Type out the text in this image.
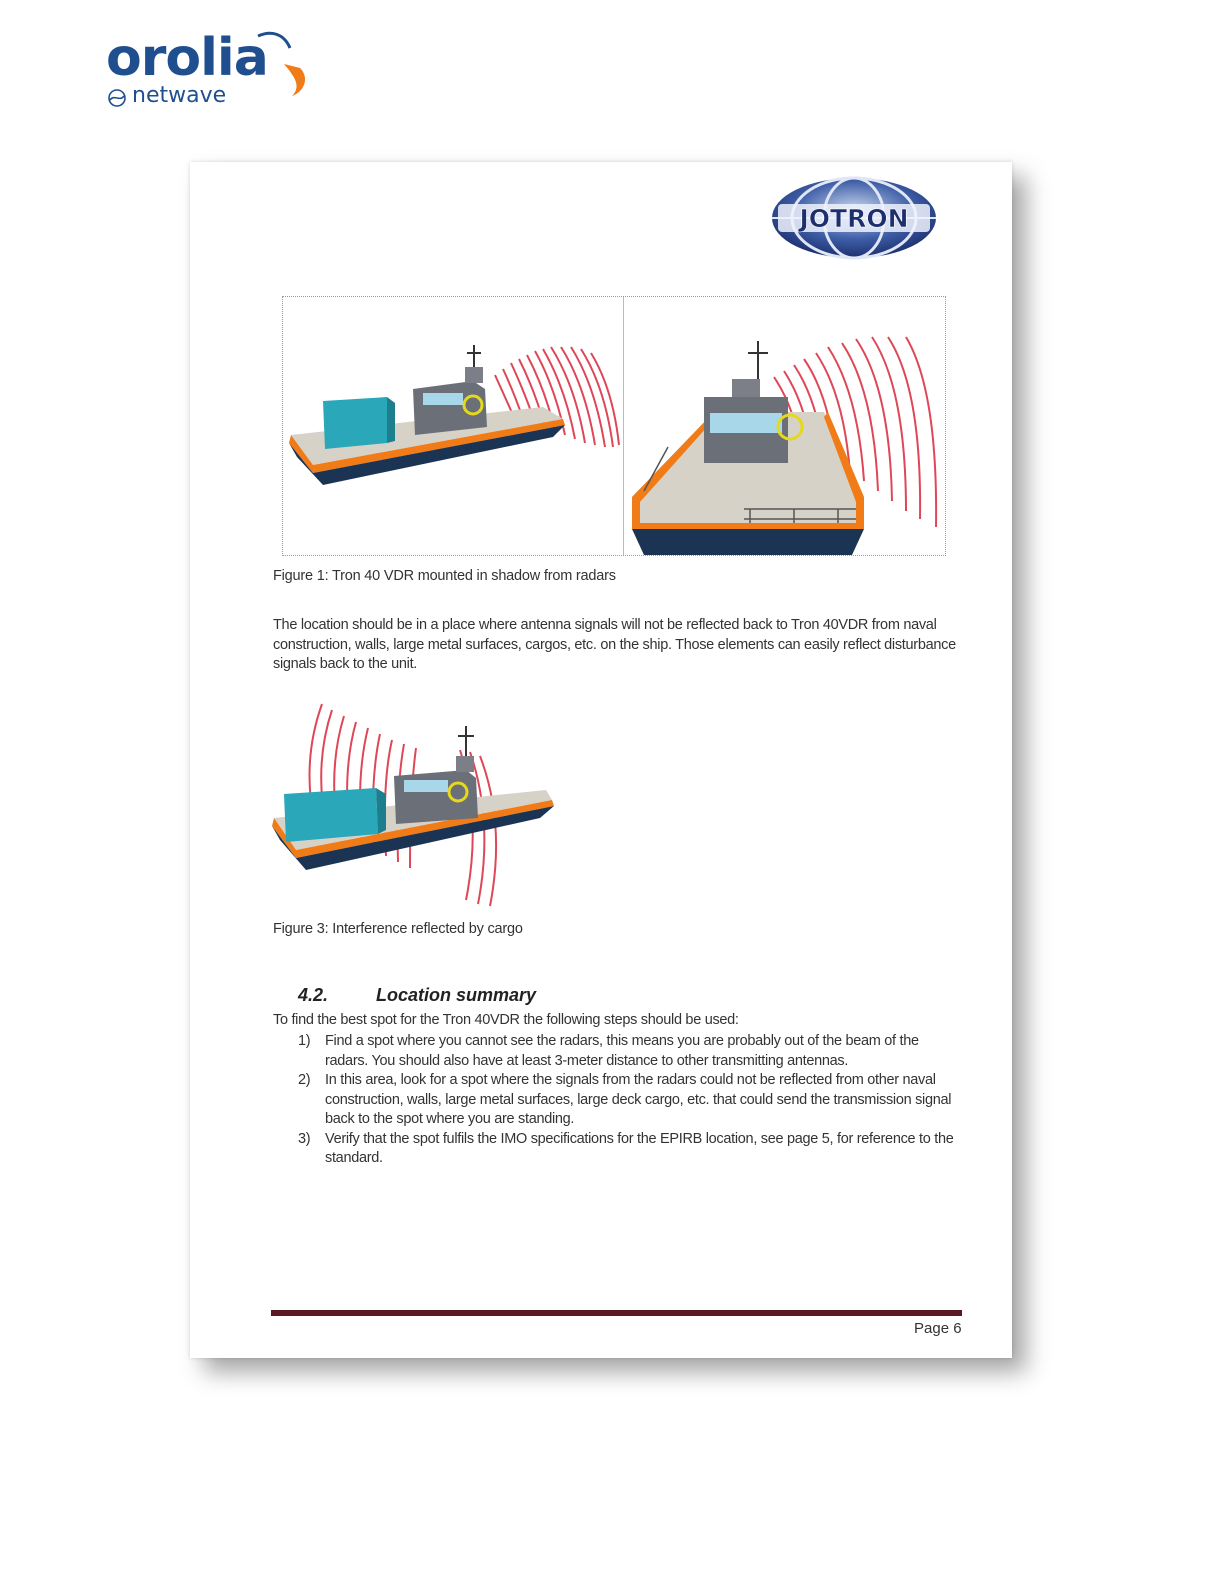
orolia
netwave
JOTRON
Figure 1: Tron 40 VDR mounted in shadow from radars
The location should be in a place where antenna signals will not be reflected back to Tron 40VDR from naval construction, walls, large metal surfaces, cargos, etc. on the ship. Those elements can easily reflect disturbance signals back to the unit.
Figure 3: Interference reflected by cargo
4.2.	Location summary
To find the best spot for the Tron 40VDR the following steps should be used:
1) Find a spot where you cannot see the radars, this means you are probably out of the beam of the radars. You should also have at least 3-meter distance to other transmitting antennas.
2) In this area, look for a spot where the signals from the radars could not be reflected from other naval construction, walls, large metal surfaces, large deck cargo, etc. that could send the transmission signal back to the spot where you are standing.
3) Verify that the spot fulfils the IMO specifications for the EPIRB location, see page 5, for reference to the standard.
Page 6
